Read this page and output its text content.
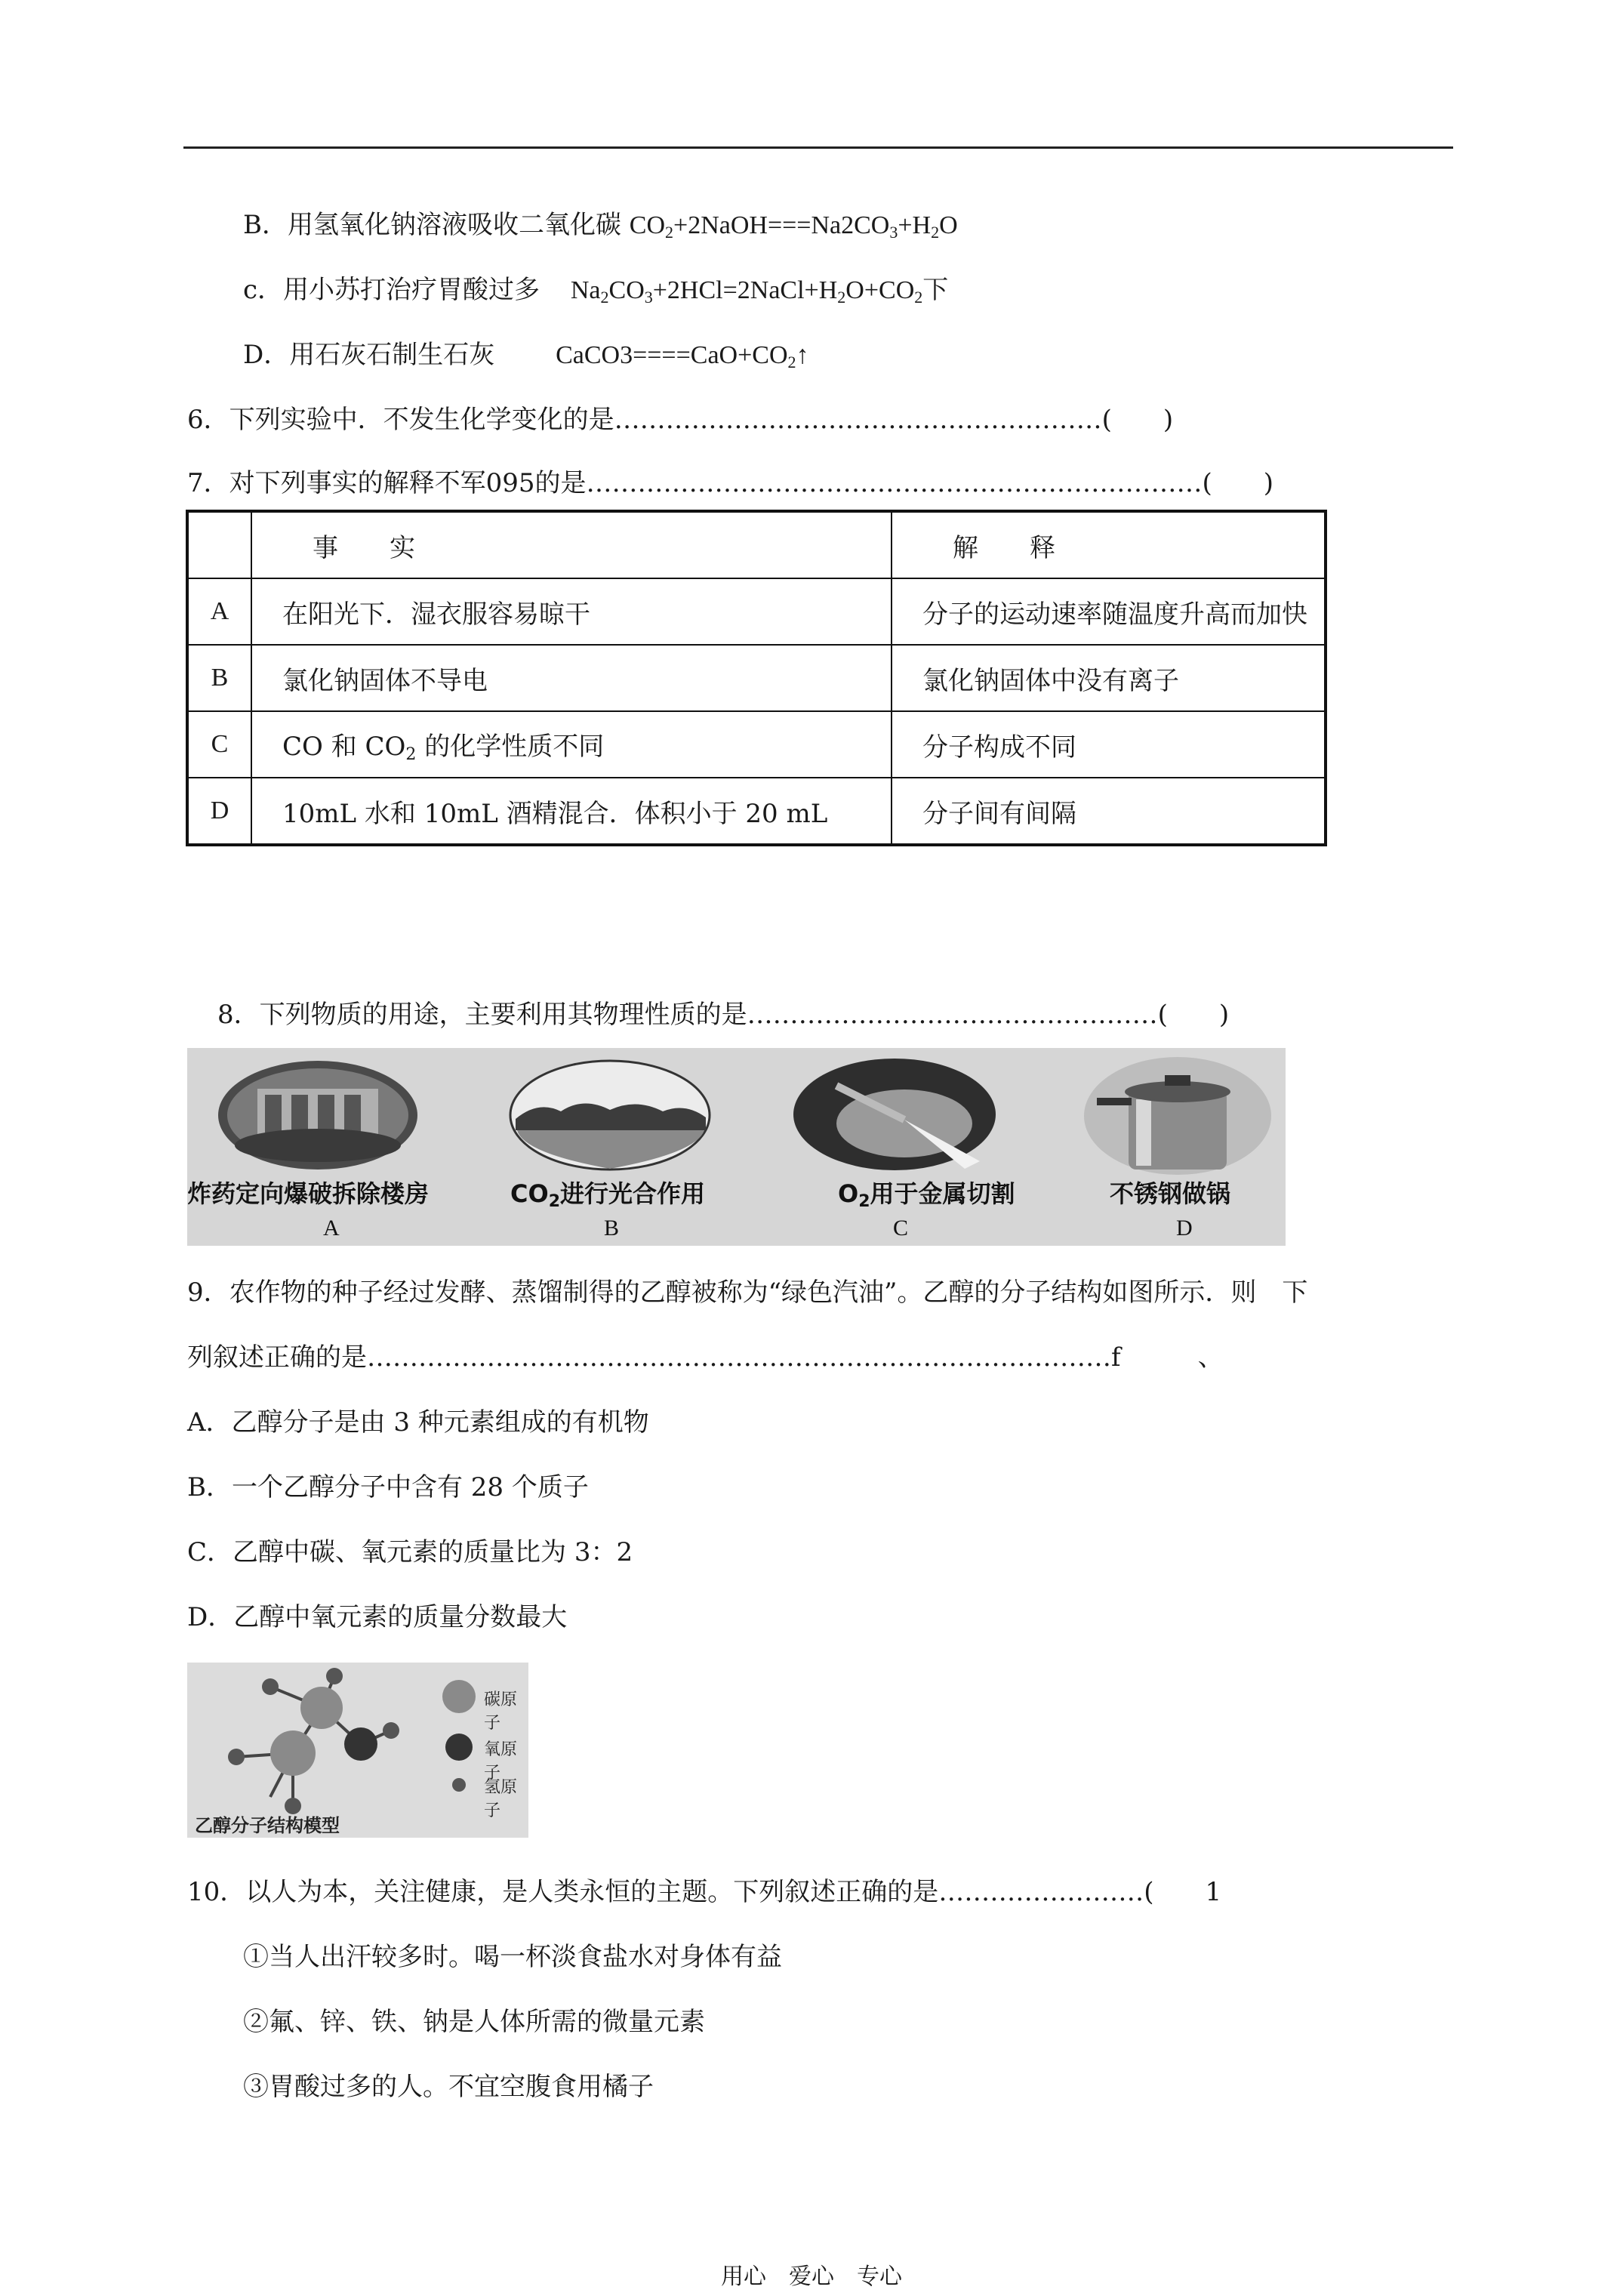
B．用氢氧化钠溶液吸收二氧化碳 $CO_2+2NaOH===Na2CO_3+H_2O$
c．用小苏打治疗胃酸过多 $Na_2CO_3+2HCl=2NaCl+H_2O+CO_2$下
D．用石灰石制生石灰 $CaCO3====CaO+CO_2↑$
6．下列实验中．不发生化学变化的是…………………………………………………(　　)
7．对下列事实的解释不军095的是………………………………………………………………(　　)
	事　　实	解　　释
A	在阳光下．湿衣服容易晾干	分子的运动速率随温度升高而加快
B	氯化钠固体不导电	氯化钠固体中没有离子
C	CO 和 $CO_2$ 的化学性质不同	分子构成不同
D	10mL 水和 10mL 酒精混合．体积小于 20 mL	分子间有间隔
8．下列物质的用途，主要利用其物理性质的是…………………………………………(　　)
炸药定向爆破拆除楼房	$CO_2$进行光合作用	$O_2$用于金属切割	不锈钢做锅
A	B	C	D
9．农作物的种子经过发酵、蒸馏制得的乙醇被称为“绿色汽油”。乙醇的分子结构如图所示．则　下
列叙述正确的是……………………………………………………………………………f　　　、
A．乙醇分子是由 3 种元素组成的有机物
B．一个乙醇分子中含有 28 个质子
C．乙醇中碳、氧元素的质量比为 3：2
D．乙醇中氧元素的质量分数最大
碳原子
氧原子
氢原子
乙醇分子结构模型
10．以人为本，关注健康，是人类永恒的主题。下列叙述正确的是……………………(　　1
①当人出汗较多时。喝一杯淡食盐水对身体有益
②氟、锌、铁、钠是人体所需的微量元素
③胃酸过多的人。不宜空腹食用橘子
用心　爱心　专心
